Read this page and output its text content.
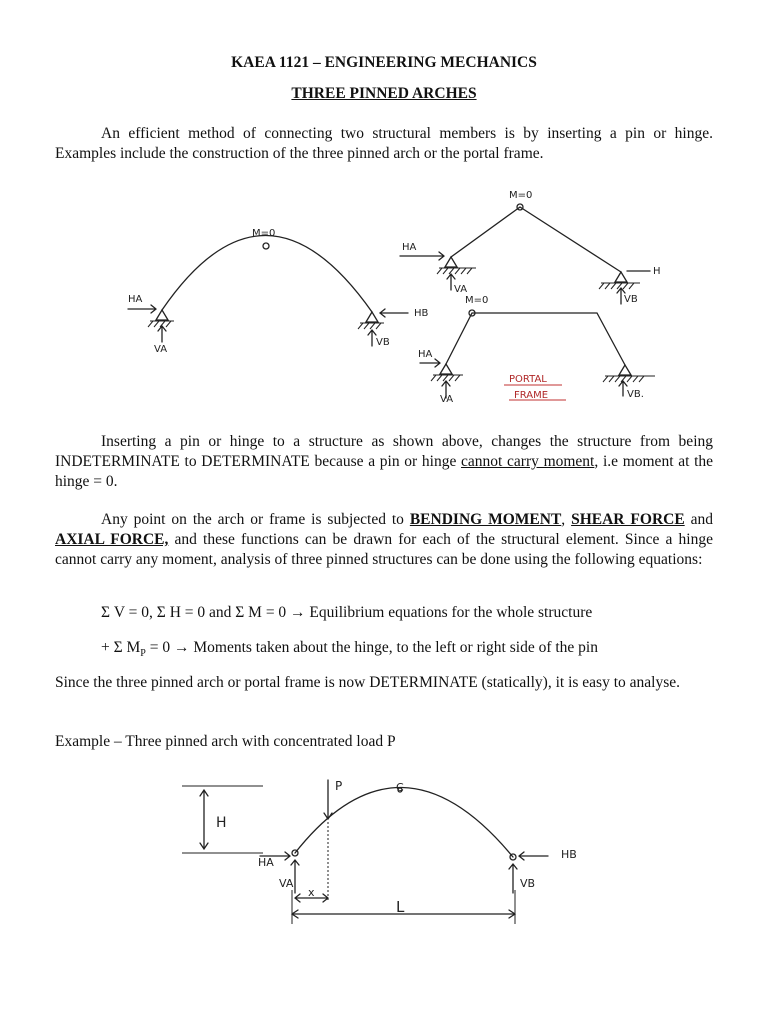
KAEA 1121 – ENGINEERING MECHANICS
THREE PINNED ARCHES
An efficient method of connecting two structural members is by inserting a pin or hinge. Examples include the construction of the three pinned arch or the portal frame.
M=0
HA
VA
HB
VB
M=0
HA
VA
H
VB
M=0
HA
VA	VB.
PORTAL
FRAME
Inserting a pin or hinge to a structure as shown above, changes the structure from being INDETERMINATE to DETERMINATE because a pin or hinge cannot carry moment, i.e moment at the hinge = 0.
Any point on the arch or frame is subjected to BENDING MOMENT, SHEAR FORCE and AXIAL FORCE, and these functions can be drawn for each of the structural element. Since a hinge cannot carry any moment, analysis of three pinned structures can be done using the following equations:
Σ V = 0, Σ H = 0 and Σ M = 0 → Equilibrium equations for the whole structure
+ Σ $M_P = 0$ → Moments taken about the hinge, to the left or right side of the pin
Since the three pinned arch or portal frame is now DETERMINATE (statically), it is easy to analyse.
Example – Three pinned arch with concentrated load P
C
H
P
HA
VA
HB
VB
x
L
